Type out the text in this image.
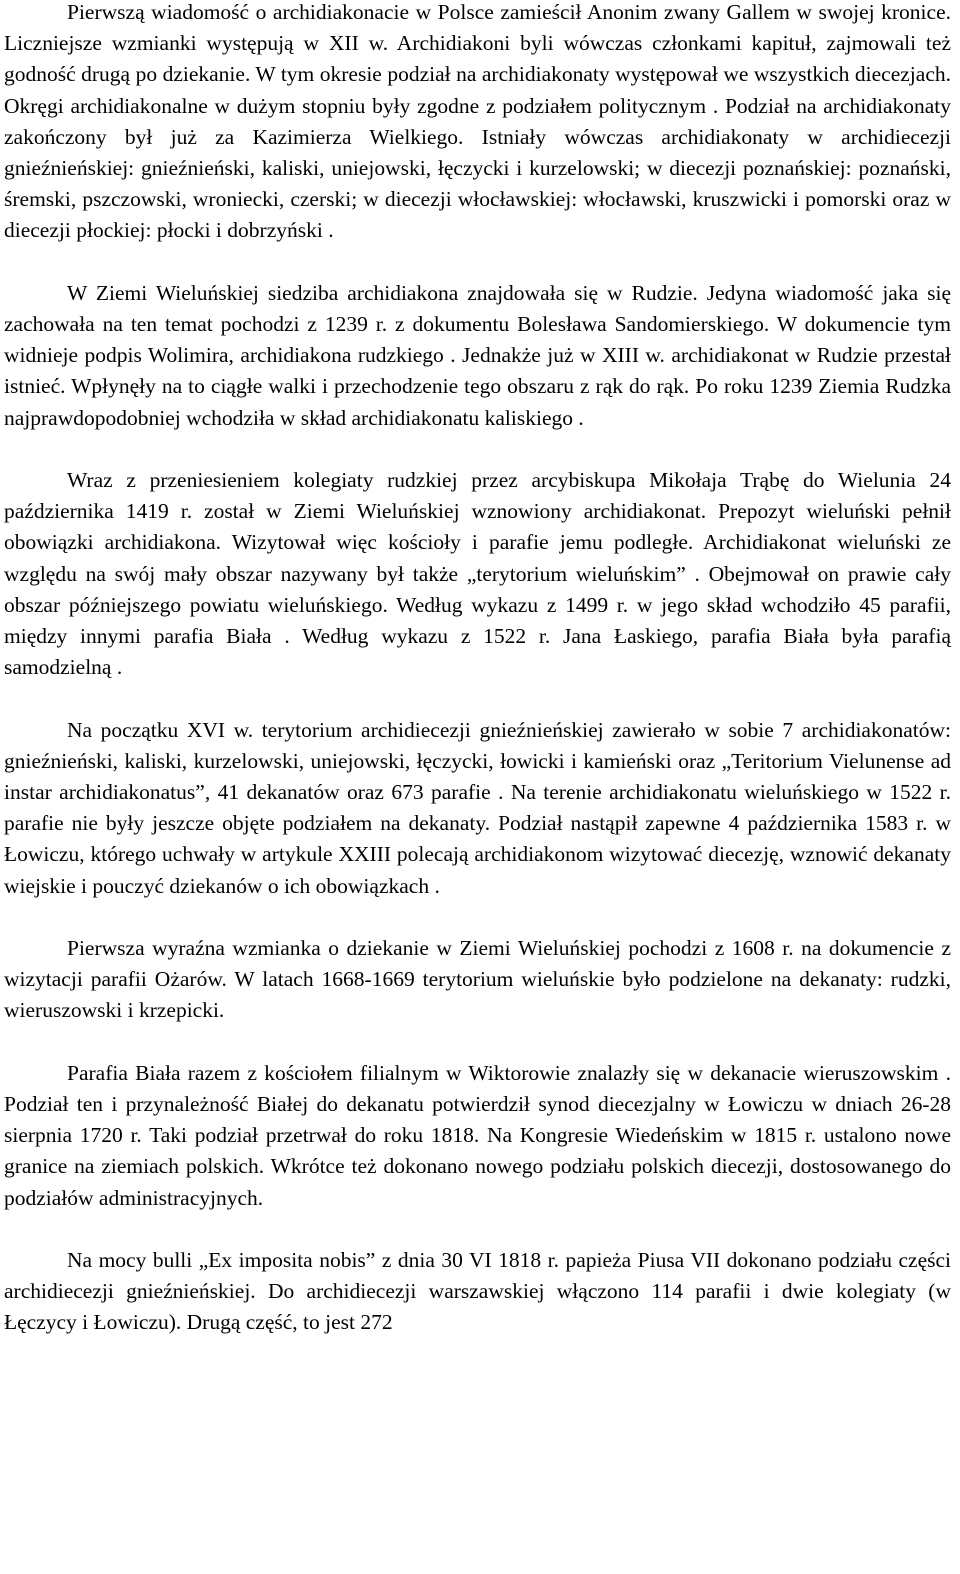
Pierwszą wiadomość o archidiakonacie w Polsce zamieścił Anonim zwany Gallem w swojej kronice. Liczniejsze wzmianki występują w XII w. Archidiakoni byli wówczas członkami kapituł, zajmowali też godność drugą po dziekanie. W tym okresie podział na archidiakonaty występował we wszystkich diecezjach. Okręgi archidiakonalne w dużym stopniu były zgodne z podziałem politycznym . Podział na archidiakonaty zakończony był już za Kazimierza Wielkiego. Istniały wówczas archidiakonaty w archidiecezji gnieźnieńskiej: gnieźnieński, kaliski, uniejowski, łęczycki i kurzelowski; w diecezji poznańskiej: poznański, śremski, pszczowski, wroniecki, czerski; w diecezji włocławskiej: włocławski, kruszwicki i pomorski oraz w diecezji płockiej: płocki i dobrzyński .

W Ziemi Wieluńskiej siedziba archidiakona znajdowała się w Rudzie. Jedyna wiadomość jaka się zachowała na ten temat pochodzi z 1239 r. z dokumentu Bolesława Sandomierskiego. W dokumencie tym widnieje podpis Wolimira, archidiakona rudzkiego . Jednakże już w XIII w. archidiakonat w Rudzie przestał istnieć. Wpłynęły na to ciągłe walki i przechodzenie tego obszaru z rąk do rąk. Po roku 1239 Ziemia Rudzka najprawdopodobniej wchodziła w skład archidiakonatu kaliskiego .

Wraz z przeniesieniem kolegiaty rudzkiej przez arcybiskupa Mikołaja Trąbę do Wielunia 24 października 1419 r. został w Ziemi Wieluńskiej wznowiony archidiakonat. Prepozyt wieluński pełnił obowiązki archidiakona. Wizytował więc kościoły i parafie jemu podległe. Archidiakonat wieluński ze względu na swój mały obszar nazywany był także „terytorium wieluńskim” . Obejmował on prawie cały obszar późniejszego powiatu wieluńskiego. Według wykazu z 1499 r. w jego skład wchodziło 45 parafii, między innymi parafia Biała . Według wykazu z 1522 r. Jana Łaskiego, parafia Biała była parafią samodzielną .

Na początku XVI w. terytorium archidiecezji gnieźnieńskiej zawierało w sobie 7 archidiakonatów: gnieźnieński, kaliski, kurzelowski, uniejowski, łęczycki, łowicki i kamieński oraz „Teritorium Vielunense ad instar archidiakonatus”, 41 dekanatów oraz 673 parafie . Na terenie archidiakonatu wieluńskiego w 1522 r. parafie nie były jeszcze objęte podziałem na dekanaty. Podział nastąpił zapewne 4 października 1583 r. w Łowiczu, którego uchwały w artykule XXIII polecają archidiakonom wizytować diecezję, wznowić dekanaty wiejskie i pouczyć dziekanów o ich obowiązkach .

Pierwsza wyraźna wzmianka o dziekanie w Ziemi Wieluńskiej pochodzi z 1608 r. na dokumencie z wizytacji parafii Ożarów. W latach 1668-1669 terytorium wieluńskie było podzielone na dekanaty: rudzki, wieruszowski i krzepicki.

Parafia Biała razem z kościołem filialnym w Wiktorowie znalazły się w dekanacie wieruszowskim . Podział ten i przynależność Białej do dekanatu potwierdził synod diecezjalny w Łowiczu w dniach 26-28 sierpnia 1720 r. Taki podział przetrwał do roku 1818. Na Kongresie Wiedeńskim w 1815 r. ustalono nowe granice na ziemiach polskich. Wkrótce też dokonano nowego podziału polskich diecezji, dostosowanego do podziałów administracyjnych.

Na mocy bulli „Ex imposita nobis” z dnia 30 VI 1818 r. papieża Piusa VII dokonano podziału części archidiecezji gnieźnieńskiej. Do archidiecezji warszawskiej włączono 114 parafii i dwie kolegiaty (w Łęczycy i Łowiczu). Drugą część, to jest 272
